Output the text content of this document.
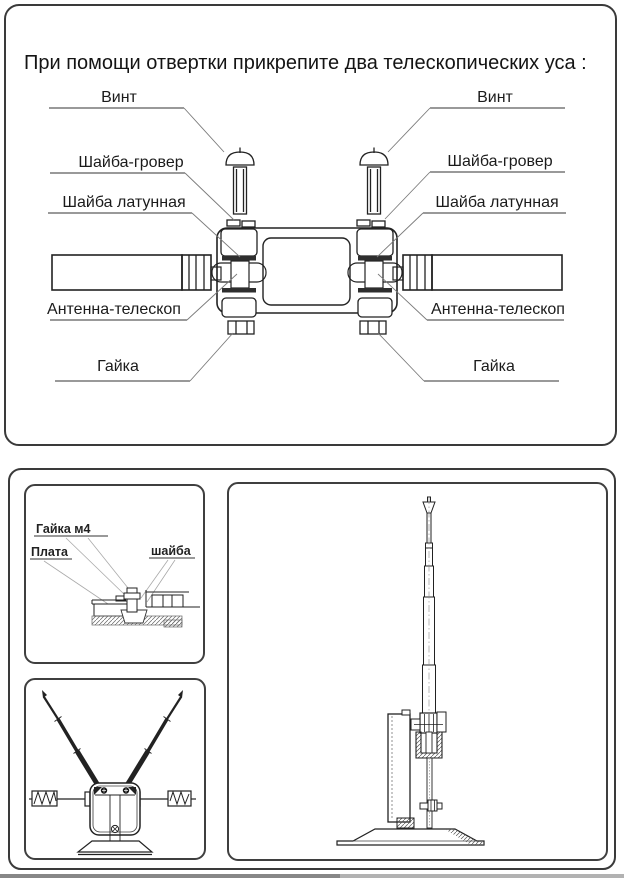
При помощи отвертки прикрепите два телескопических уса :
Винт	Винт
Шайба-гровер	Шайба-гровер
Шайба латунная	Шайба латунная
Антенна-телескоп	Антенна-телескоп
Гайка	Гайка
Гайка м4
Плата	шайба
